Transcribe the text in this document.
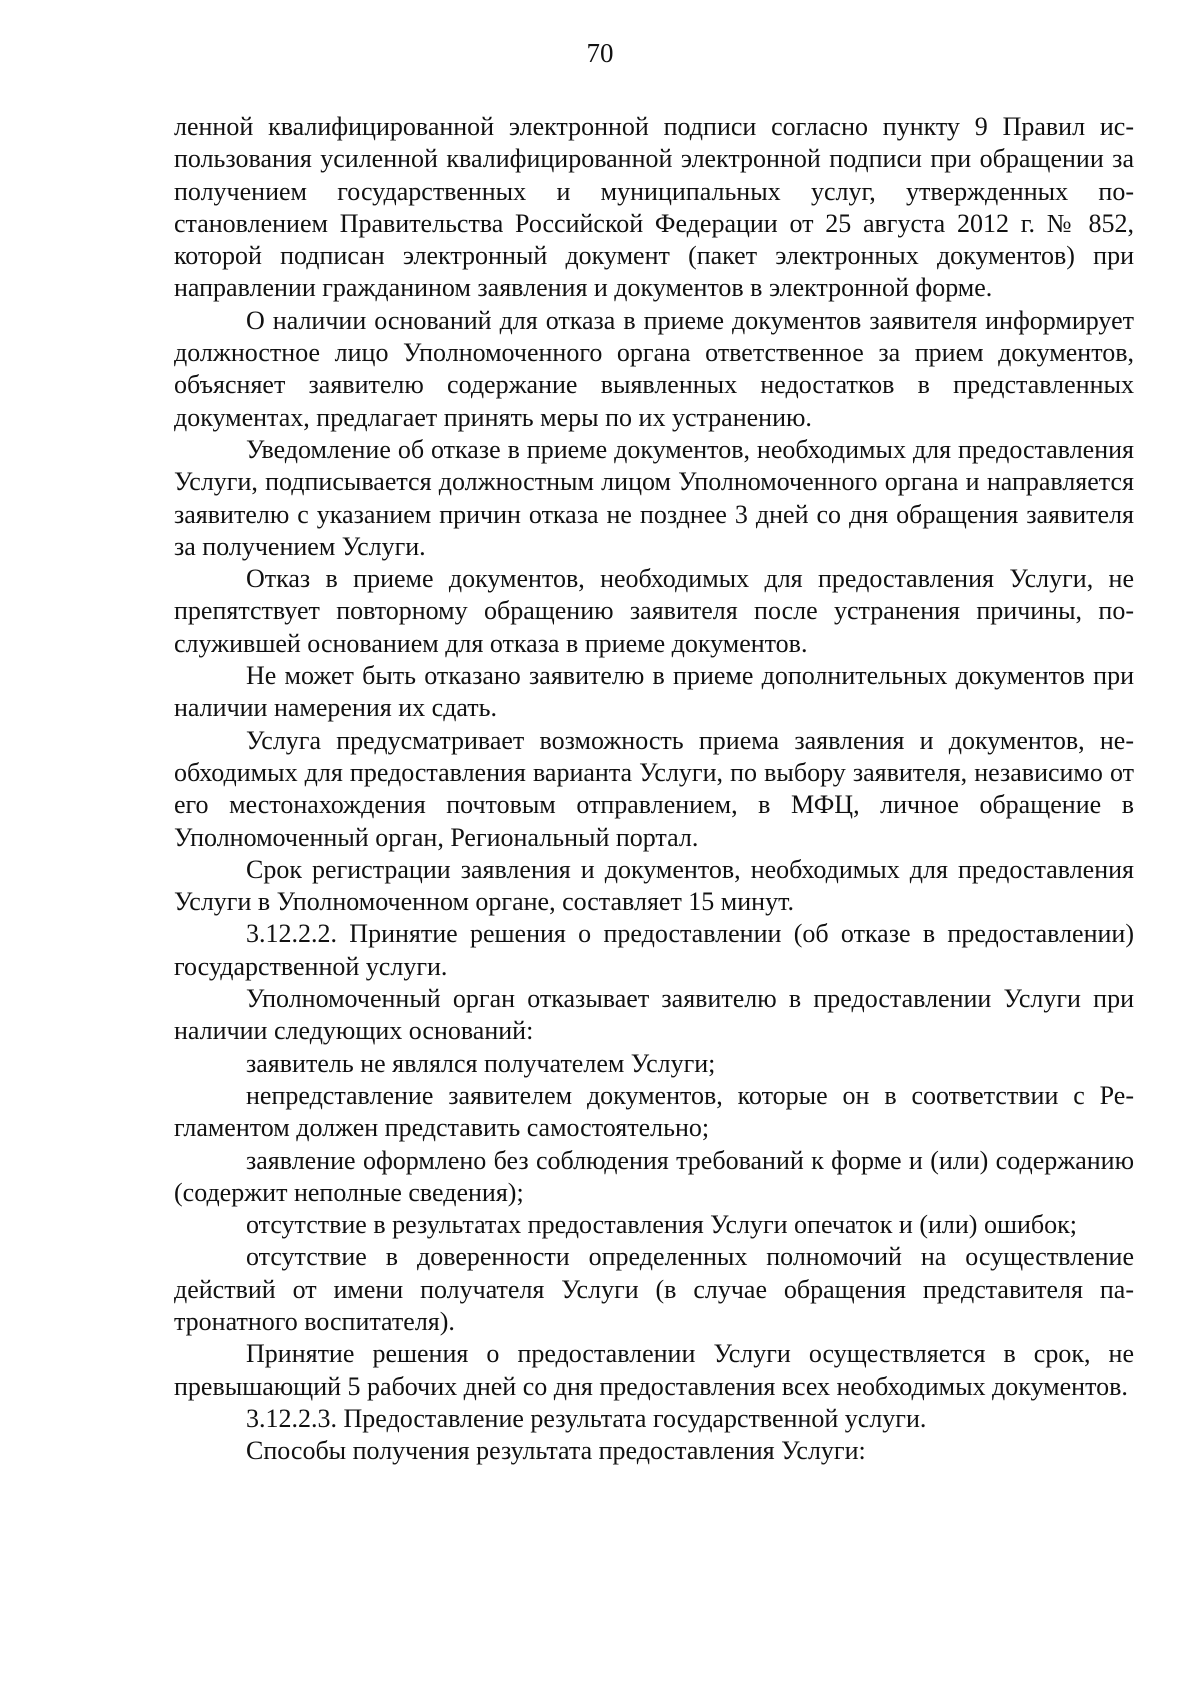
70

ленной квалифицированной электронной подписи согласно пункту 9 Правил использования усиленной квалифицированной электронной подписи при обращении за получением государственных и муниципальных услуг, утвержденных постановлением Правительства Российской Федерации от 25 августа 2012 г. № 852, которой подписан электронный документ (пакет электронных документов) при направлении гражданином заявления и документов в электронной форме.

О наличии оснований для отказа в приеме документов заявителя информирует должностное лицо Уполномоченного органа ответственное за прием документов, объясняет заявителю содержание выявленных недостатков в представленных документах, предлагает принять меры по их устранению.

Уведомление об отказе в приеме документов, необходимых для предоставления Услуги, подписывается должностным лицом Уполномоченного органа и направляется заявителю с указанием причин отказа не позднее 3 дней со дня обращения заявителя за получением Услуги.

Отказ в приеме документов, необходимых для предоставления Услуги, не препятствует повторному обращению заявителя после устранения причины, послужившей основанием для отказа в приеме документов.

Не может быть отказано заявителю в приеме дополнительных документов при наличии намерения их сдать.

Услуга предусматривает возможность приема заявления и документов, необходимых для предоставления варианта Услуги, по выбору заявителя, независимо от его местонахождения почтовым отправлением, в МФЦ, личное обращение в Уполномоченный орган, Региональный портал.

Срок регистрации заявления и документов, необходимых для предоставления Услуги в Уполномоченном органе, составляет 15 минут.

3.12.2.2. Принятие решения о предоставлении (об отказе в предоставлении) государственной услуги.

Уполномоченный орган отказывает заявителю в предоставлении Услуги при наличии следующих оснований:

заявитель не являлся получателем Услуги;

непредставление заявителем документов, которые он в соответствии с Регламентом должен представить самостоятельно;

заявление оформлено без соблюдения требований к форме и (или) содержанию (содержит неполные сведения);

отсутствие в результатах предоставления Услуги опечаток и (или) ошибок;

отсутствие в доверенности определенных полномочий на осуществление действий от имени получателя Услуги (в случае обращения представителя патронатного воспитателя).

Принятие решения о предоставлении Услуги осуществляется в срок, не превышающий 5 рабочих дней со дня предоставления всех необходимых документов.

3.12.2.3. Предоставление результата государственной услуги.

Способы получения результата предоставления Услуги:
